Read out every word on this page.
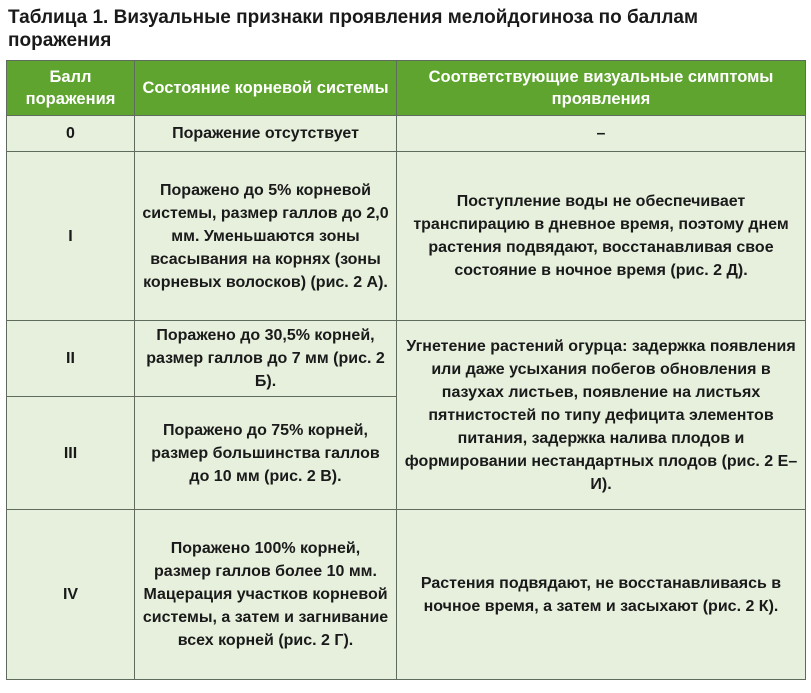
Таблица 1. Визуальные признаки проявления мелойдогиноза по баллам поражения
Балл поражения	Состояние корневой системы	Соответствующие визуальные симптомы проявления
0	Поражение отсутствует	–
I	Поражено до 5% корневой системы, размер галлов до 2,0 мм. Уменьшаются зоны всасывания на корнях (зоны корневых волосков) (рис. 2 А).	Поступление воды не обеспечивает транспирацию в дневное время, поэтому днем растения подвядают, восстанавливая свое состояние в ночное время (рис. 2 Д).
II	Поражено до 30,5% корней, размер галлов до 7 мм (рис. 2 Б).	Угнетение растений огурца: задержка появления или даже усыхания побегов обновления в пазухах листьев, появление на листьях пятнистостей по типу дефицита элементов питания, задержка налива плодов и формировании нестандартных плодов (рис. 2 Е–И).
III	Поражено до 75% корней, размер большинства галлов до 10 мм (рис. 2 В).	
IV	Поражено 100% корней, размер галлов более 10 мм. Мацерация участков корневой системы, а затем и загнивание всех корней (рис. 2 Г).	Растения подвядают, не восстанавливаясь в ночное время, а затем и засыхают (рис. 2 К).
